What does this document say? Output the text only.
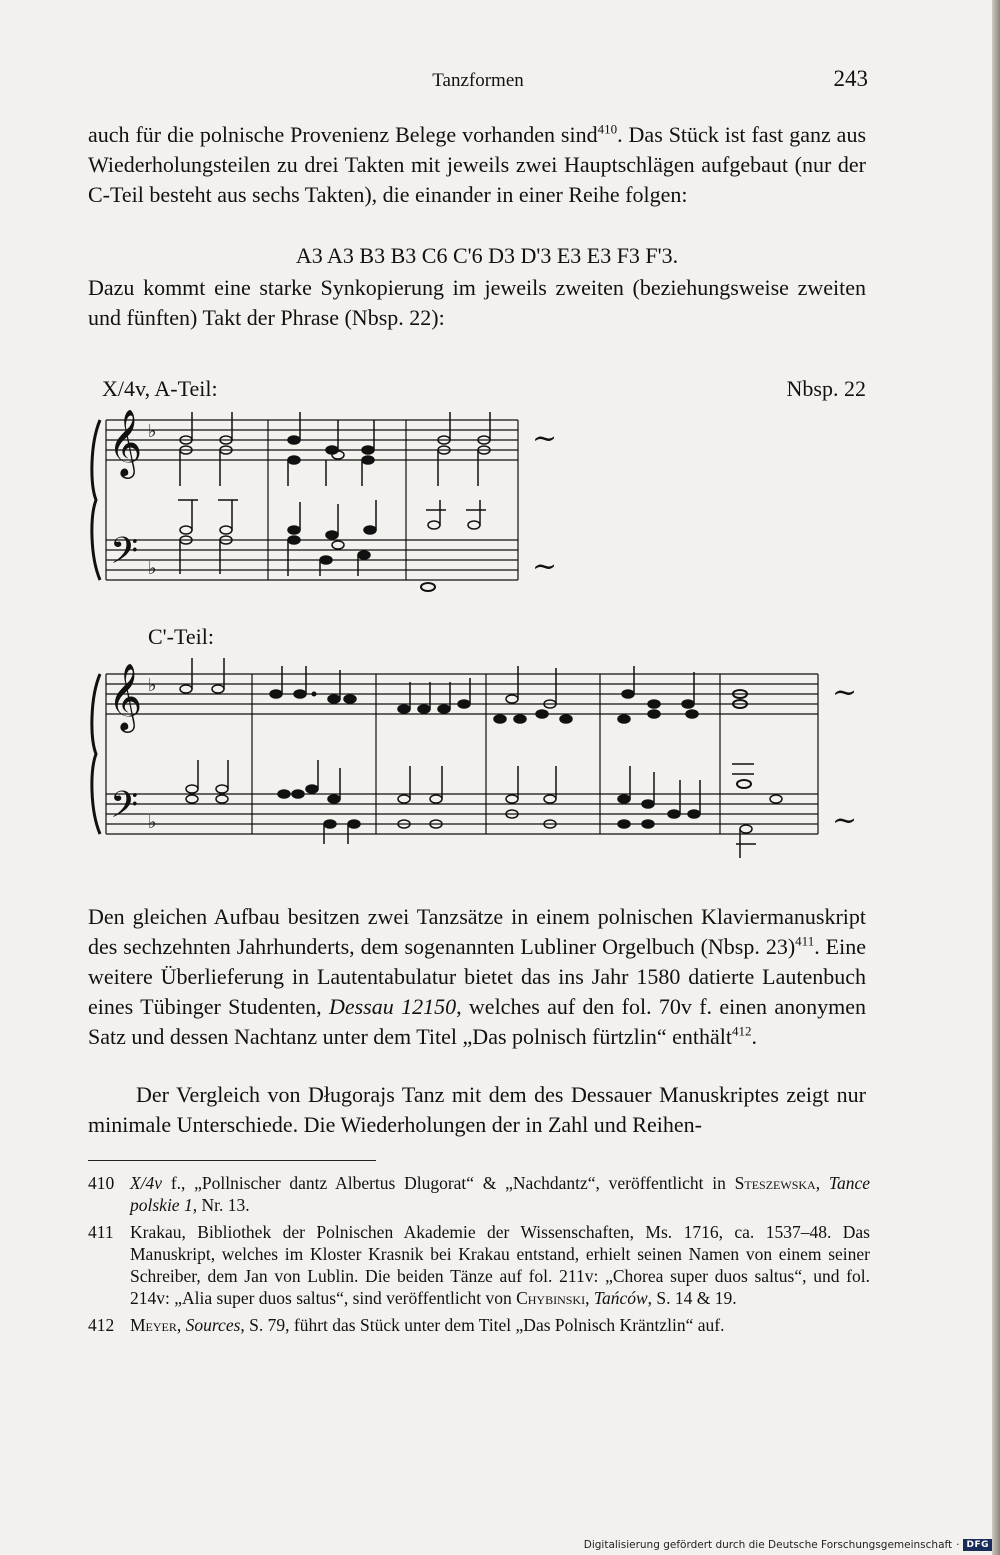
Tanzformen	243

auch für die polnische Provenienz Belege vorhanden sind$^{410}$. Das Stück ist fast ganz aus Wiederholungsteilen zu drei Takten mit jeweils zwei Hauptschlägen aufgebaut (nur der C-Teil besteht aus sechs Takten), die einander in einer Reihe folgen:

A3 A3 B3 B3 C6 C'6 D3 D'3 E3 E3 F3 F'3.

Dazu kommt eine starke Synkopierung im jeweils zweiten (beziehungsweise zweiten und fünften) Takt der Phrase (Nbsp. 22):

X/4v, A-Teil:	Nbsp. 22
𝄞
𝄢
♭
♭
~
~
C'-Teil:
𝄞
𝄢
♭
♭
~
~

Den gleichen Aufbau besitzen zwei Tanzsätze in einem polnischen Klaviermanuskript des sechzehnten Jahrhunderts, dem sogenannten Lubliner Orgelbuch (Nbsp. 23)$^{411}$. Eine weitere Überlieferung in Lautentabulatur bietet das ins Jahr 1580 datierte Lautenbuch eines Tübinger Studenten, Dessau 12150, welches auf den fol. 70v f. einen anonymen Satz und dessen Nachtanz unter dem Titel „Das polnisch fürtzlin“ enthält$^{412}$.

Der Vergleich von Długorajs Tanz mit dem des Dessauer Manuskriptes zeigt nur minimale Unterschiede. Die Wiederholungen der in Zahl und Reihen-

410 X/4v f., „Pollnischer dantz Albertus Dlugorat“ & „Nachdantz“, veröffentlicht in Steszewska, Tance polskie 1, Nr. 13.
411 Krakau, Bibliothek der Polnischen Akademie der Wissenschaften, Ms. 1716, ca. 1537–48. Das Manuskript, welches im Kloster Krasnik bei Krakau entstand, erhielt seinen Namen von einem seiner Schreiber, dem Jan von Lublin. Die beiden Tänze auf fol. 211v: „Chorea super duos saltus“, und fol. 214v: „Alia super duos saltus“, sind veröffentlicht von Chybinski, Tańców, S. 14 & 19.
412 Meyer, Sources, S. 79, führt das Stück unter dem Titel „Das Polnisch Kräntzlin“ auf.
Digitalisierung gefördert durch die Deutsche Forschungsgemeinschaft · DFG
